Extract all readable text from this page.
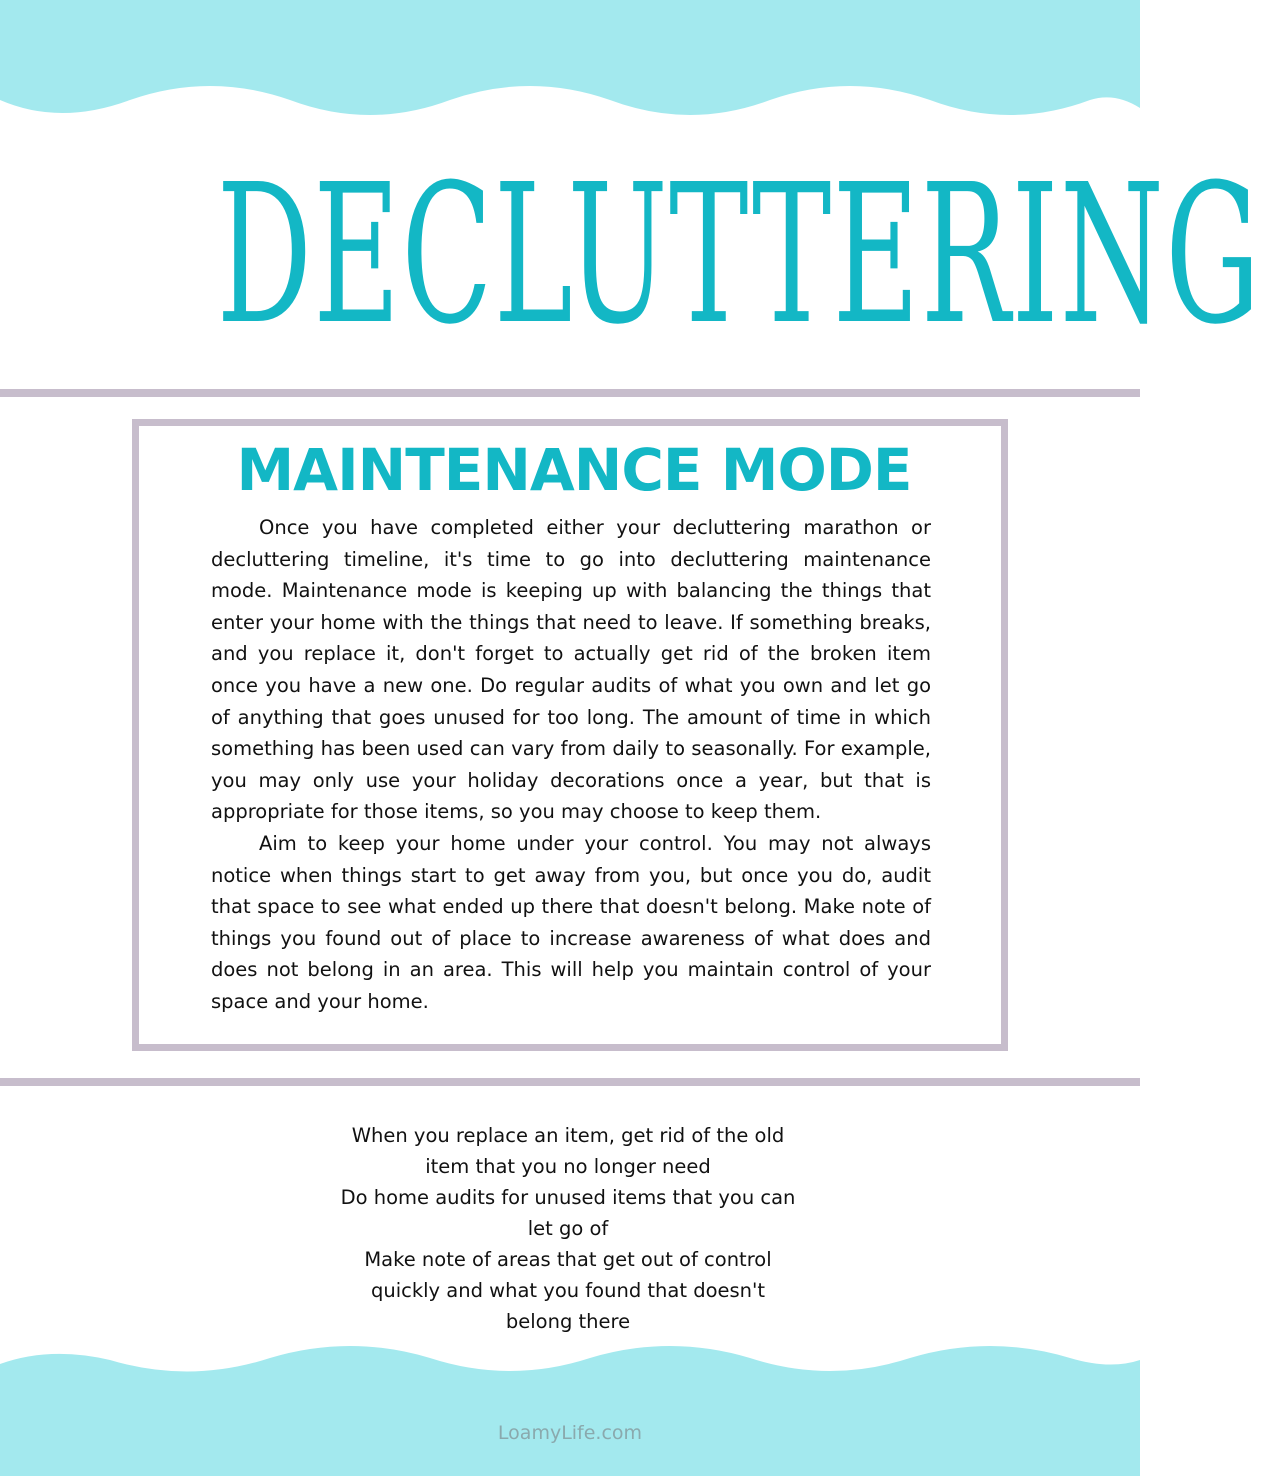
DECLUTTERING
MAINTENANCE MODE

Once you have completed either your decluttering marathon or decluttering timeline, it's time to go into decluttering maintenance mode. Maintenance mode is keeping up with balancing the things that enter your home with the things that need to leave. If something breaks, and you replace it, don't forget to actually get rid of the broken item once you have a new one. Do regular audits of what you own and let go of anything that goes unused for too long. The amount of time in which something has been used can vary from daily to seasonally. For example, you may only use your holiday decorations once a year, but that is appropriate for those items, so you may choose to keep them.

Aim to keep your home under your control. You may not always notice when things start to get away from you, but once you do, audit that space to see what ended up there that doesn't belong. Make note of things you found out of place to increase awareness of what does and does not belong in an area. This will help you maintain control of your space and your home.

When you replace an item, get rid of the old item that you no longer need

Do home audits for unused items that you can let go of

Make note of areas that get out of control quickly and what you found that doesn't belong there

LoamyLife.com
